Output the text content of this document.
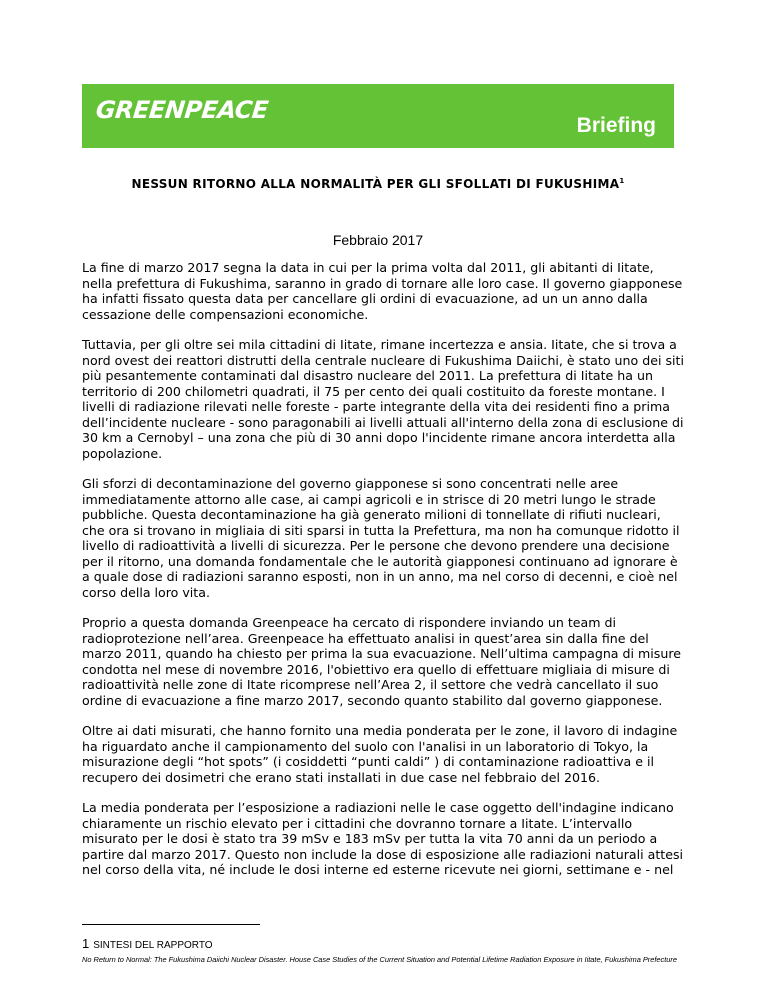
GREENPEACE
Briefing
NESSUN RITORNO ALLA NORMALITÀ PER GLI SFOLLATI DI FUKUSHIMA$^1$
Febbraio 2017

La fine di marzo 2017 segna la data in cui per la prima volta dal 2011, gli abitanti di Iitate, nella prefettura di Fukushima, saranno in grado di tornare alle loro case. Il governo giapponese ha infatti fissato questa data per cancellare gli ordini di evacuazione, ad un un anno dalla cessazione delle compensazioni economiche.

Tuttavia, per gli oltre sei mila cittadini di Iitate, rimane incertezza e ansia. Iitate, che si trova a nord ovest dei reattori distrutti della centrale nucleare di Fukushima Daiichi, è stato uno dei siti più pesantemente contaminati dal disastro nucleare del 2011. La prefettura di Iitate ha un territorio di 200 chilometri quadrati, il 75 per cento dei quali costituito da foreste montane. I livelli di radiazione rilevati nelle foreste - parte integrante della vita dei residenti fino a prima dell’incidente nucleare - sono paragonabili ai livelli attuali all'interno della zona di esclusione di 30 km a Cernobyl – una zona che più di 30 anni dopo l'incidente rimane ancora interdetta alla popolazione.

Gli sforzi di decontaminazione del governo giapponese si sono concentrati nelle aree immediatamente attorno alle case, ai campi agricoli e in strisce di 20 metri lungo le strade pubbliche. Questa decontaminazione ha già generato milioni di tonnellate di rifiuti nucleari, che ora si trovano in migliaia di siti sparsi in tutta la Prefettura, ma non ha comunque ridotto il livello di radioattività a livelli di sicurezza. Per le persone che devono prendere una decisione per il ritorno, una domanda fondamentale che le autorità giapponesi continuano ad ignorare è a quale dose di radiazioni saranno esposti, non in un anno, ma nel corso di decenni, e cioè nel corso della loro vita.

Proprio a questa domanda Greenpeace ha cercato di rispondere inviando un team di radioprotezione nell’area. Greenpeace ha effettuato analisi in quest’area sin dalla fine del marzo 2011, quando ha chiesto per prima la sua evacuazione. Nell’ultima campagna di misure condotta nel mese di novembre 2016, l'obiettivo era quello di effettuare migliaia di misure di radioattività nelle zone di Itate ricomprese nell’Area 2, il settore che vedrà cancellato il suo ordine di evacuazione a fine marzo 2017, secondo quanto stabilito dal governo giapponese.

Oltre ai dati misurati, che hanno fornito una media ponderata per le zone, il lavoro di indagine ha riguardato anche il campionamento del suolo con l'analisi in un laboratorio di Tokyo, la misurazione degli “hot spots” (i cosiddetti “punti caldi” ) di contaminazione radioattiva e il recupero dei dosimetri che erano stati installati in due case nel febbraio del 2016.

La media ponderata per l’esposizione a radiazioni nelle le case oggetto dell'indagine indicano chiaramente un rischio elevato per i cittadini che dovranno tornare a Iitate. L’intervallo misurato per le dosi è stato tra 39 mSv e 183 mSv per tutta la vita 70 anni da un periodo a partire dal marzo 2017. Questo non include la dose di esposizione alle radiazioni naturali attesi nel corso della vita, né include le dosi interne ed esterne ricevute nei giorni, settimane e - nel

1 SINTESI DEL RAPPORTO
No Return to Normal: The Fukushima Daiichi Nuclear Disaster. House Case Studies of the Current Situation and Potential Lifetime Radiation Exposure in Iitate, Fukushima Prefecture
